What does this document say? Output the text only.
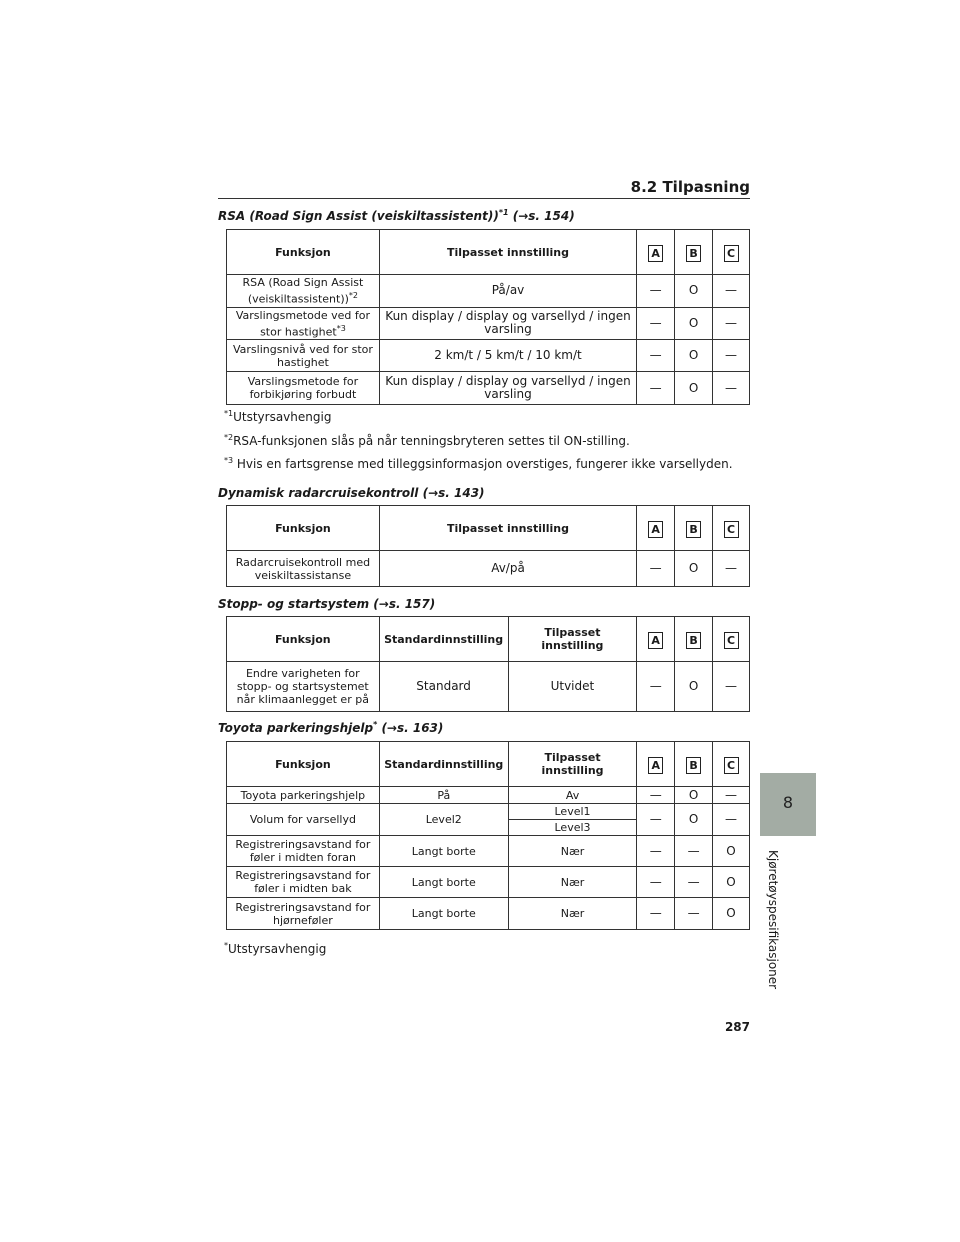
8.2 Tilpasning
RSA (Road Sign Assist (veiskiltassistent))$^{*1}$ (→s. 154)
Funksjon	Tilpasset innstilling	A	B	C
RSA (Road Sign Assist
(veiskiltassistent))$^{*2}$	På/av	—	O	—
Varslingsmetode ved for
stor hastighet$^{*3}$	Kun display / display og varsellyd / ingen
varsling	—	O	—
Varslingsnivå ved for stor
hastighet	2 km/t / 5 km/t / 10 km/t	—	O	—
Varslingsmetode for
forbikjøring forbudt	Kun display / display og varsellyd / ingen
varsling	—	O	—
$^{*1}$Utstyrsavhengig
$^{*2}$RSA-funksjonen slås på når tenningsbryteren settes til ON-stilling.
$^{*3}$ Hvis en fartsgrense med tilleggsinformasjon overstiges, fungerer ikke varsellyden.
Dynamisk radarcruisekontroll (→s. 143)
Funksjon	Tilpasset innstilling	A	B	C
Radarcruisekontroll med
veiskiltassistanse	Av/på	—	O	—
Stopp- og startsystem (→s. 157)
Funksjon	Standardinnstilling	Tilpasset innstilling	A	B	C
Endre varigheten for
stopp- og startsystemet
når klimaanlegget er på	Standard	Utvidet	—	O	—
Toyota parkeringshjelp* (→s. 163)
Funksjon	Standardinnstilling	Tilpasset innstilling	A	B	C
Toyota parkeringshjelp	På	Av	—	O	—
Volum for varsellyd	Level2	Level1	—	O	—
		Level3			
Registreringsavstand for
føler i midten foran	Langt borte	Nær	—	—	O
Registreringsavstand for
føler i midten bak	Langt borte	Nær	—	—	O
Registreringsavstand for
hjørneføler	Langt borte	Nær	—	—	O
*Utstyrsavhengig
8
Kjøretøyspesifikasjoner
287
